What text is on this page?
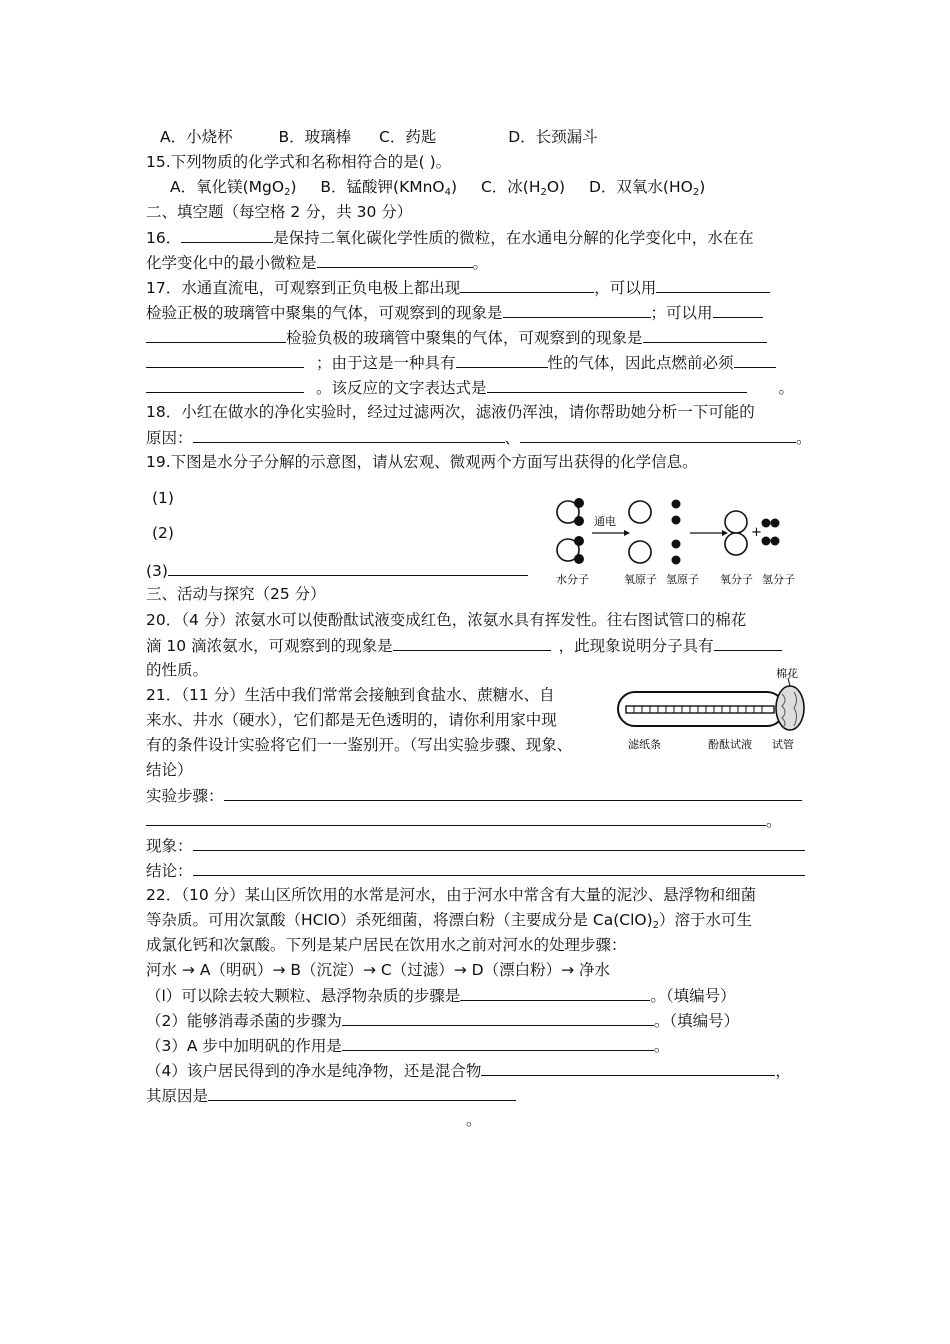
A．小烧杯	B．玻璃棒 C．药匙	D．长颈漏斗
15.下列物质的化学式和名称相符合的是( )。
A．氧化镁(MgO$_2$) B．锰酸钾(KMnO$_4$) C．冰$(H_2O)$ D．双氧水$(HO_2)$
二、填空题（每空格 2 分，共 30 分）
16．	是保持二氧化碳化学性质的微粒，在水通电分解的化学变化中，水在在
化学变化中的最小微粒是	。
17．水通直流电，可观察到正负电极上都出现	，可以用
检验正极的玻璃管中聚集的气体，可观察到的现象是	；可以用
检验负极的玻璃管中聚集的气体，可观察到的现象是
；由于这是一种具有	性的气体，因此点燃前必须
。该反应的文字表达式是	。
18．小红在做水的净化实验时，经过过滤两次，滤液仍浑浊，请你帮助她分析一下可能的
原因：	、	。
19.下图是水分子分解的示意图，请从宏观、微观两个方面写出获得的化学信息。
(1)
(2)
(3)
通电
+
水分子	氧原子 氢原子 氧分子 氢分子
三、活动与探究（25 分）
20．（4 分）浓氨水可以使酚酞试液变成红色，浓氨水具有挥发性。往右图试管口的棉花
滴 10 滴浓氨水，可观察到的现象是	，此现象说明分子具有
的性质。	棉花
滤纸条	酚酞试液 试管
21．（11 分）生活中我们常常会接触到食盐水、蔗糖水、自
来水、井水（硬水），它们都是无色透明的，请你利用家中现
有的条件设计实验将它们一一鉴别开。（写出实验步骤、现象、
结论）
实验步骤：
。
现象：
结论：
22．（10 分）某山区所饮用的水常是河水，由于河水中常含有大量的泥沙、悬浮物和细菌
等杂质。可用次氯酸（HClO）杀死细菌，将漂白粉（主要成分是 $Ca(ClO)_2$）溶于水可生
成氯化钙和次氯酸。下列是某户居民在饮用水之前对河水的处理步骤：
河水 → A（明矾）→ B（沉淀）→ C（过滤）→ D（漂白粉）→ 净水
（l）可以除去较大颗粒、悬浮物杂质的步骤是	。（填编号）
（2）能够消毒杀菌的步骤为	。（填编号）
（3）A 步中加明矾的作用是	。
（4）该户居民得到的净水是纯净物，还是混合物	，
其原因是
。
